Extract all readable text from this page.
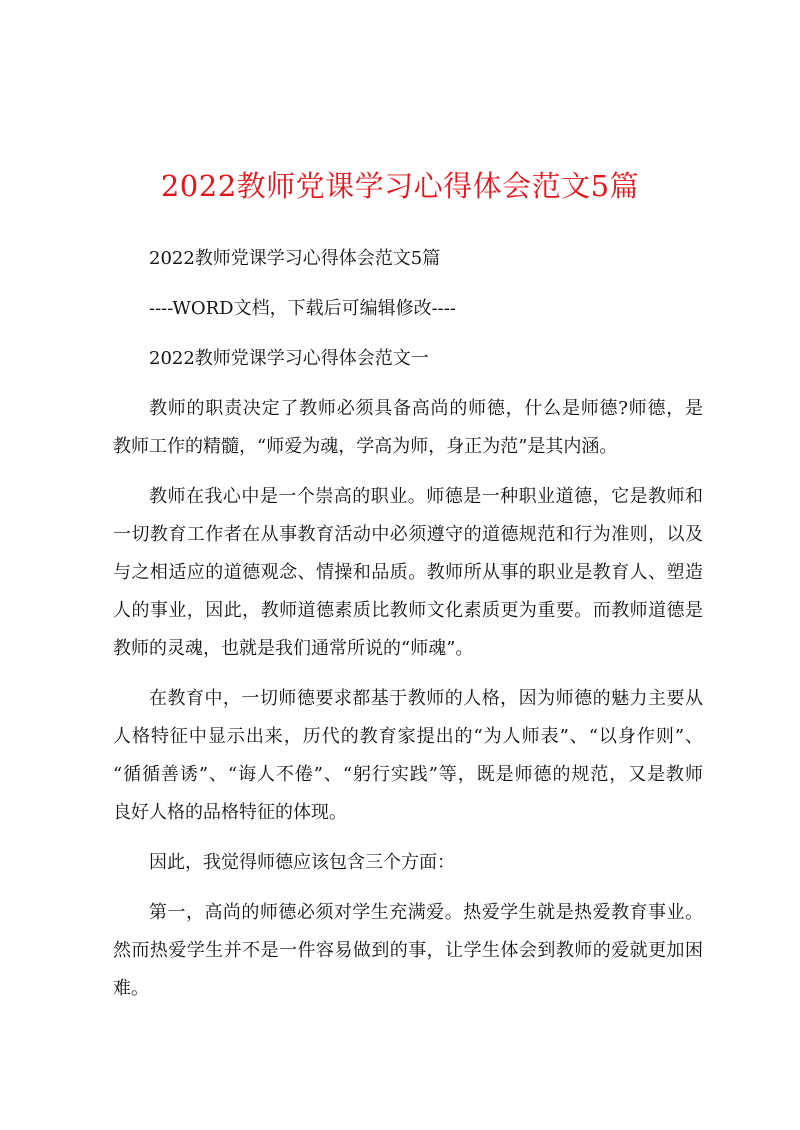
2022教师党课学习心得体会范文5篇

2022教师党课学习心得体会范文5篇

----WORD文档，下载后可编辑修改----

2022教师党课学习心得体会范文一

教师的职责决定了教师必须具备高尚的师德，什么是师德?师德，是
教师工作的精髓，“师爱为魂，学高为师，身正为范”是其内涵。

教师在我心中是一个崇高的职业。师德是一种职业道德，它是教师和
一切教育工作者在从事教育活动中必须遵守的道德规范和行为准则，以及
与之相适应的道德观念、情操和品质。教师所从事的职业是教育人、塑造
人的事业，因此，教师道德素质比教师文化素质更为重要。而教师道德是
教师的灵魂，也就是我们通常所说的“师魂”。

在教育中，一切师德要求都基于教师的人格，因为师德的魅力主要从
人格特征中显示出来，历代的教育家提出的“为人师表”、“以身作则”、
“循循善诱”、“诲人不倦”、“躬行实践”等，既是师德的规范，又是教师
良好人格的品格特征的体现。

因此，我觉得师德应该包含三个方面：

第一，高尚的师德必须对学生充满爱。热爱学生就是热爱教育事业。
然而热爱学生并不是一件容易做到的事，让学生体会到教师的爱就更加困
难。
